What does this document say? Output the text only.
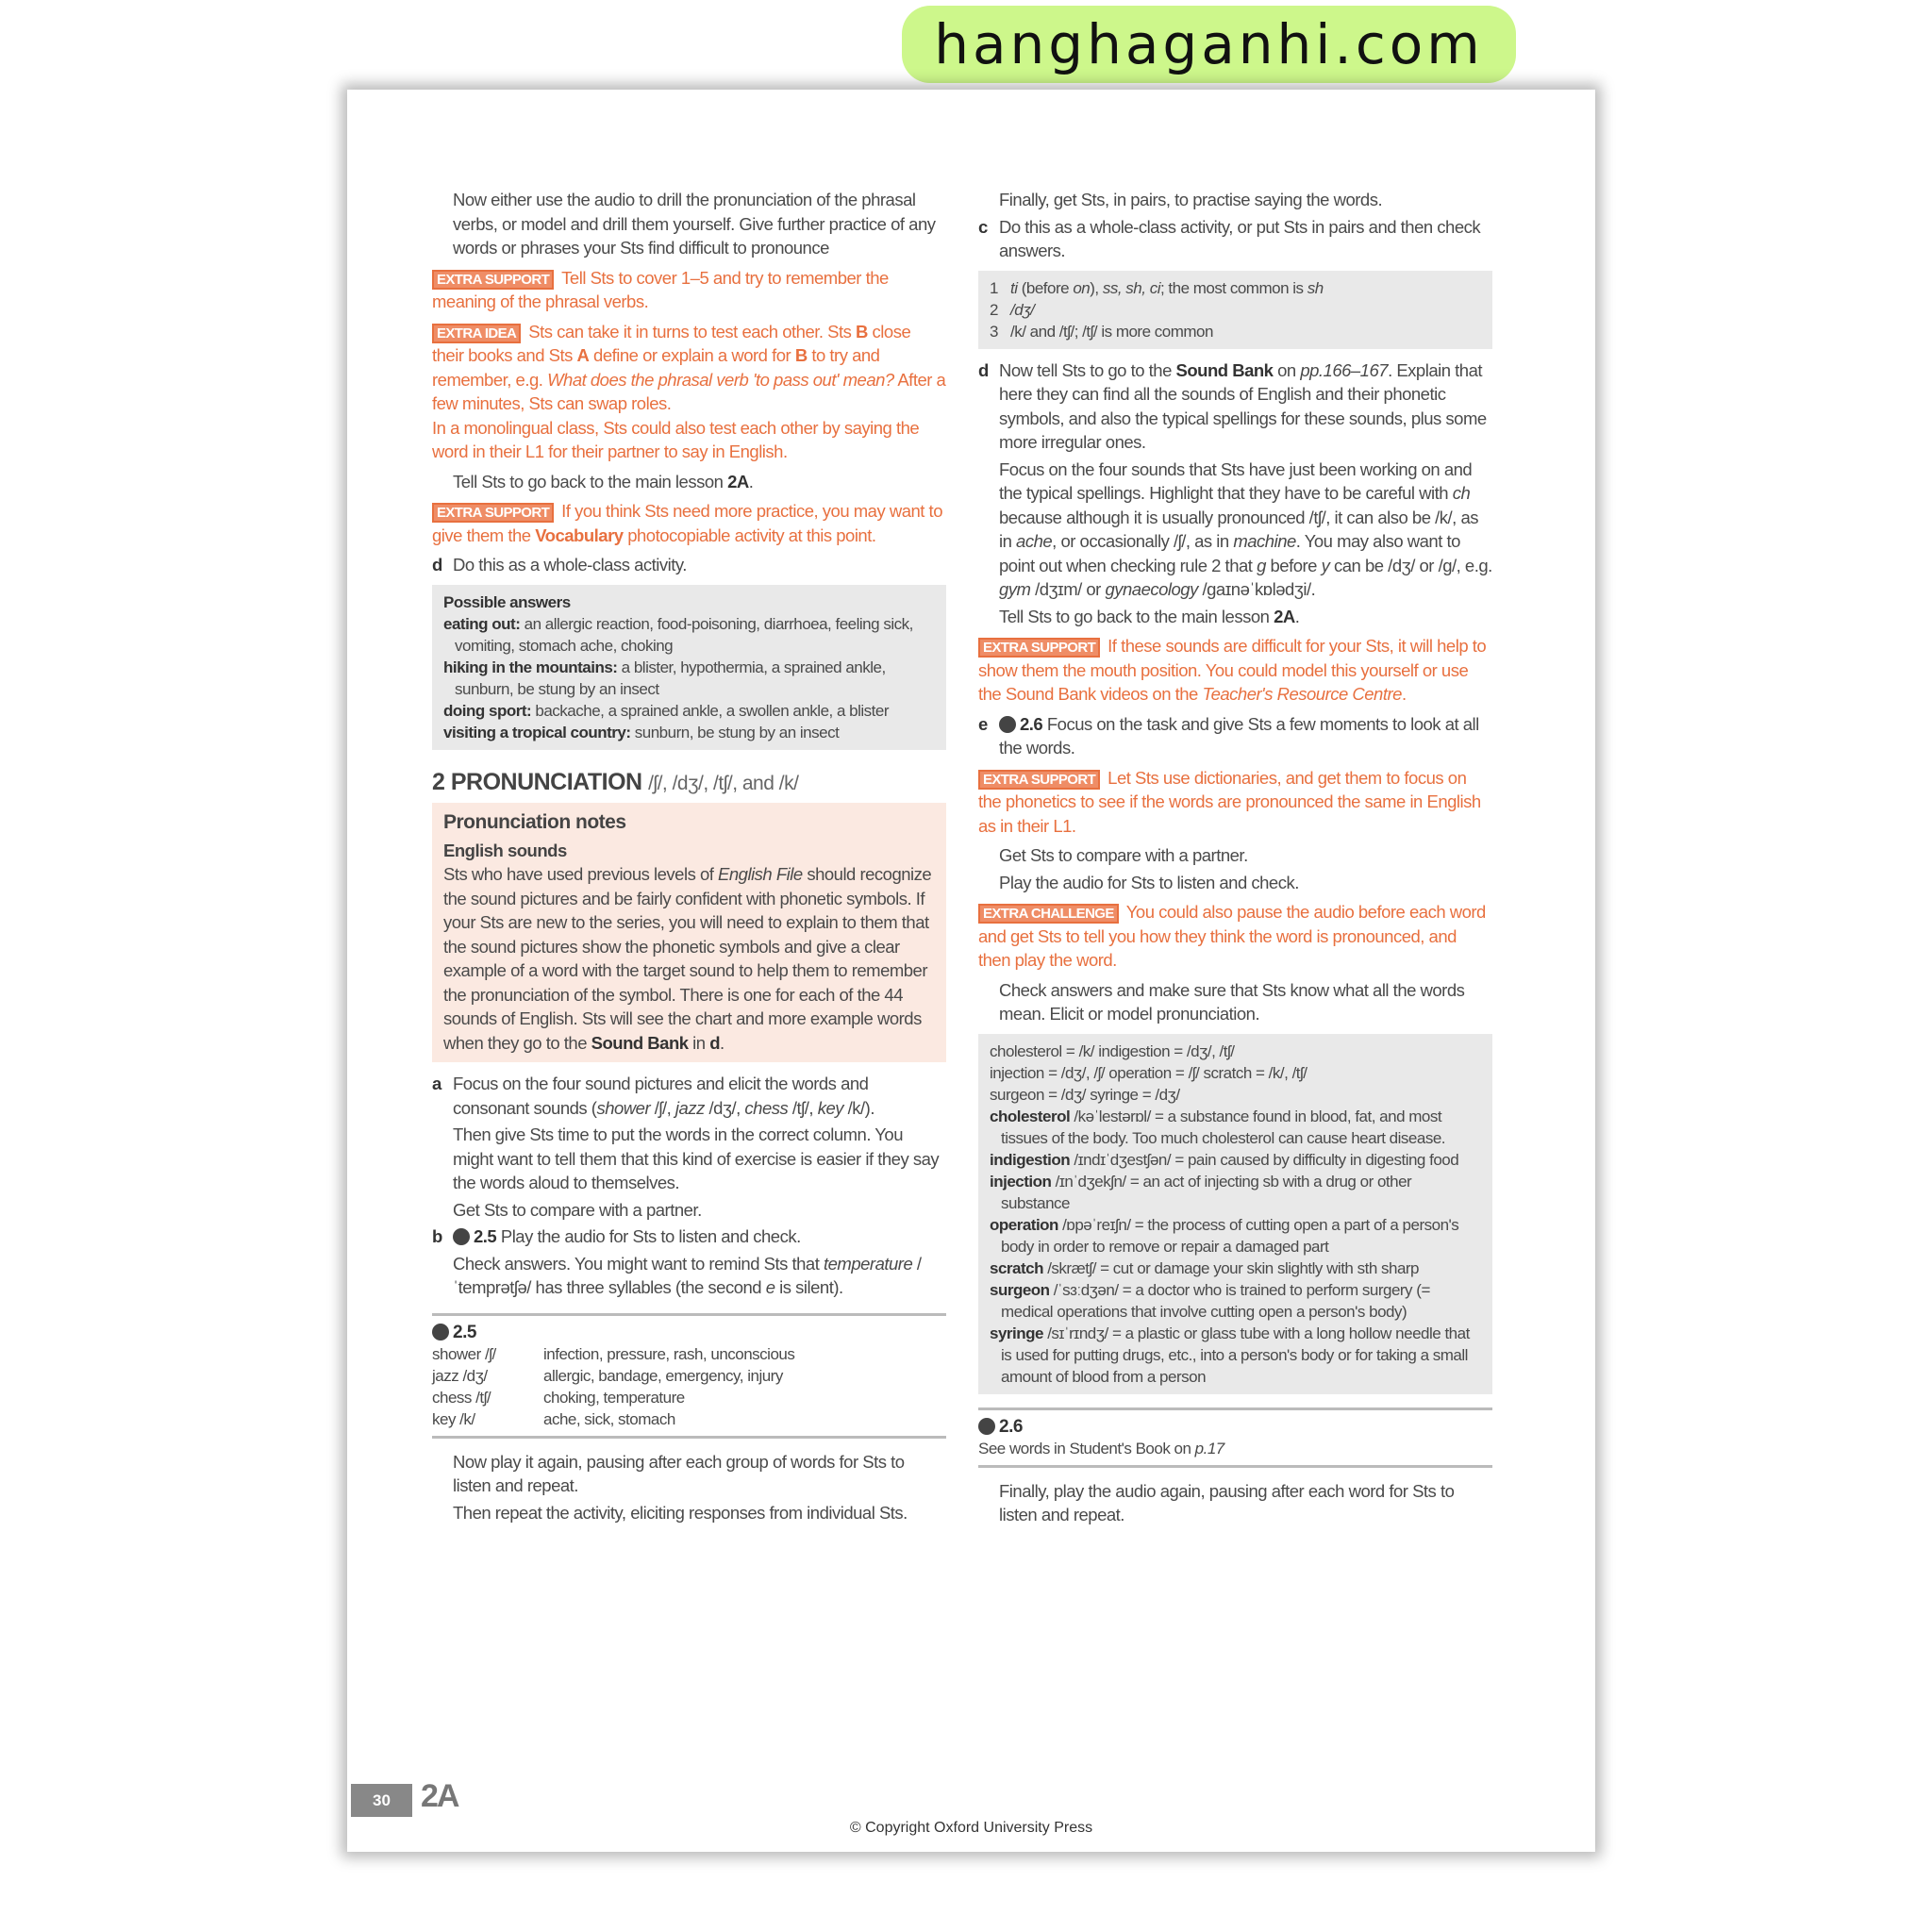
hanghaganhi.com
Now either use the audio to drill the pronunciation of the phrasal verbs, or model and drill them yourself. Give further practice of any words or phrases your Sts find difficult to pronounce
EXTRA SUPPORT Tell Sts to cover 1–5 and try to remember the meaning of the phrasal verbs.
EXTRA IDEA Sts can take it in turns to test each other. Sts B close their books and Sts A define or explain a word for B to try and remember, e.g. What does the phrasal verb 'to pass out' mean? After a few minutes, Sts can swap roles.
In a monolingual class, Sts could also test each other by saying the word in their L1 for their partner to say in English.
Tell Sts to go back to the main lesson 2A.
EXTRA SUPPORT If you think Sts need more practice, you may want to give them the Vocabulary photocopiable activity at this point.
d Do this as a whole-class activity.
Possible answers
eating out: an allergic reaction, food-poisoning, diarrhoea, feeling sick, vomiting, stomach ache, choking
hiking in the mountains: a blister, hypothermia, a sprained ankle, sunburn, be stung by an insect
doing sport: backache, a sprained ankle, a swollen ankle, a blister
visiting a tropical country: sunburn, be stung by an insect
2 PRONUNCIATION /ʃ/, /dʒ/, /tʃ/, and /k/
Pronunciation notes
English sounds
Sts who have used previous levels of English File should recognize the sound pictures and be fairly confident with phonetic symbols. If your Sts are new to the series, you will need to explain to them that the sound pictures show the phonetic symbols and give a clear example of a word with the target sound to help them to remember the pronunciation of the symbol. There is one for each of the 44 sounds of English. Sts will see the chart and more example words when they go to the Sound Bank in d.
a Focus on the four sound pictures and elicit the words and consonant sounds (shower /ʃ/, jazz /dʒ/, chess /tʃ/, key /k/).
Then give Sts time to put the words in the correct column. You might want to tell them that this kind of exercise is easier if they say the words aloud to themselves.
Get Sts to compare with a partner.
b 2.5 Play the audio for Sts to listen and check.
Check answers. You might want to remind Sts that temperature /ˈtemprətʃə/ has three syllables (the second e is silent).
2.5
shower /ʃ/	infection, pressure, rash, unconscious
jazz /dʒ/	allergic, bandage, emergency, injury
chess /tʃ/	choking, temperature
key /k/	ache, sick, stomach
Now play it again, pausing after each group of words for Sts to listen and repeat.
Then repeat the activity, eliciting responses from individual Sts.
Finally, get Sts, in pairs, to practise saying the words.
c Do this as a whole-class activity, or put Sts in pairs and then check answers.
1 ti (before on), ss, sh, ci; the most common is sh
2 /dʒ/
3 /k/ and /tʃ/; /tʃ/ is more common
d Now tell Sts to go to the Sound Bank on pp.166–167. Explain that here they can find all the sounds of English and their phonetic symbols, and also the typical spellings for these sounds, plus some more irregular ones.
Focus on the four sounds that Sts have just been working on and the typical spellings. Highlight that they have to be careful with ch because although it is usually pronounced /tʃ/, it can also be /k/, as in ache, or occasionally /ʃ/, as in machine. You may also want to point out when checking rule 2 that g before y can be /dʒ/ or /g/, e.g. gym /dʒɪm/ or gynaecology /gaɪnəˈkɒlədʒi/.
Tell Sts to go back to the main lesson 2A.
EXTRA SUPPORT If these sounds are difficult for your Sts, it will help to show them the mouth position. You could model this yourself or use the Sound Bank videos on the Teacher's Resource Centre.
e 2.6 Focus on the task and give Sts a few moments to look at all the words.
EXTRA SUPPORT Let Sts use dictionaries, and get them to focus on the phonetics to see if the words are pronounced the same in English as in their L1.
Get Sts to compare with a partner.
Play the audio for Sts to listen and check.
EXTRA CHALLENGE You could also pause the audio before each word and get Sts to tell you how they think the word is pronounced, and then play the word.
Check answers and make sure that Sts know what all the words mean. Elicit or model pronunciation.
cholesterol = /k/ indigestion = /dʒ/, /tʃ/
injection = /dʒ/, /ʃ/ operation = /ʃ/ scratch = /k/, /tʃ/
surgeon = /dʒ/ syringe = /dʒ/
cholesterol /kəˈlestərɒl/ = a substance found in blood, fat, and most tissues of the body. Too much cholesterol can cause heart disease.
indigestion /ɪndɪˈdʒestʃən/ = pain caused by difficulty in digesting food
injection /ɪnˈdʒekʃn/ = an act of injecting sb with a drug or other substance
operation /ɒpəˈreɪʃn/ = the process of cutting open a part of a person's body in order to remove or repair a damaged part
scratch /skrætʃ/ = cut or damage your skin slightly with sth sharp
surgeon /ˈsɜːdʒən/ = a doctor who is trained to perform surgery (= medical operations that involve cutting open a person's body)
syringe /sɪˈrɪndʒ/ = a plastic or glass tube with a long hollow needle that is used for putting drugs, etc., into a person's body or for taking a small amount of blood from a person
2.6
See words in Student's Book on p.17
Finally, play the audio again, pausing after each word for Sts to listen and repeat.
30 2A
© Copyright Oxford University Press
